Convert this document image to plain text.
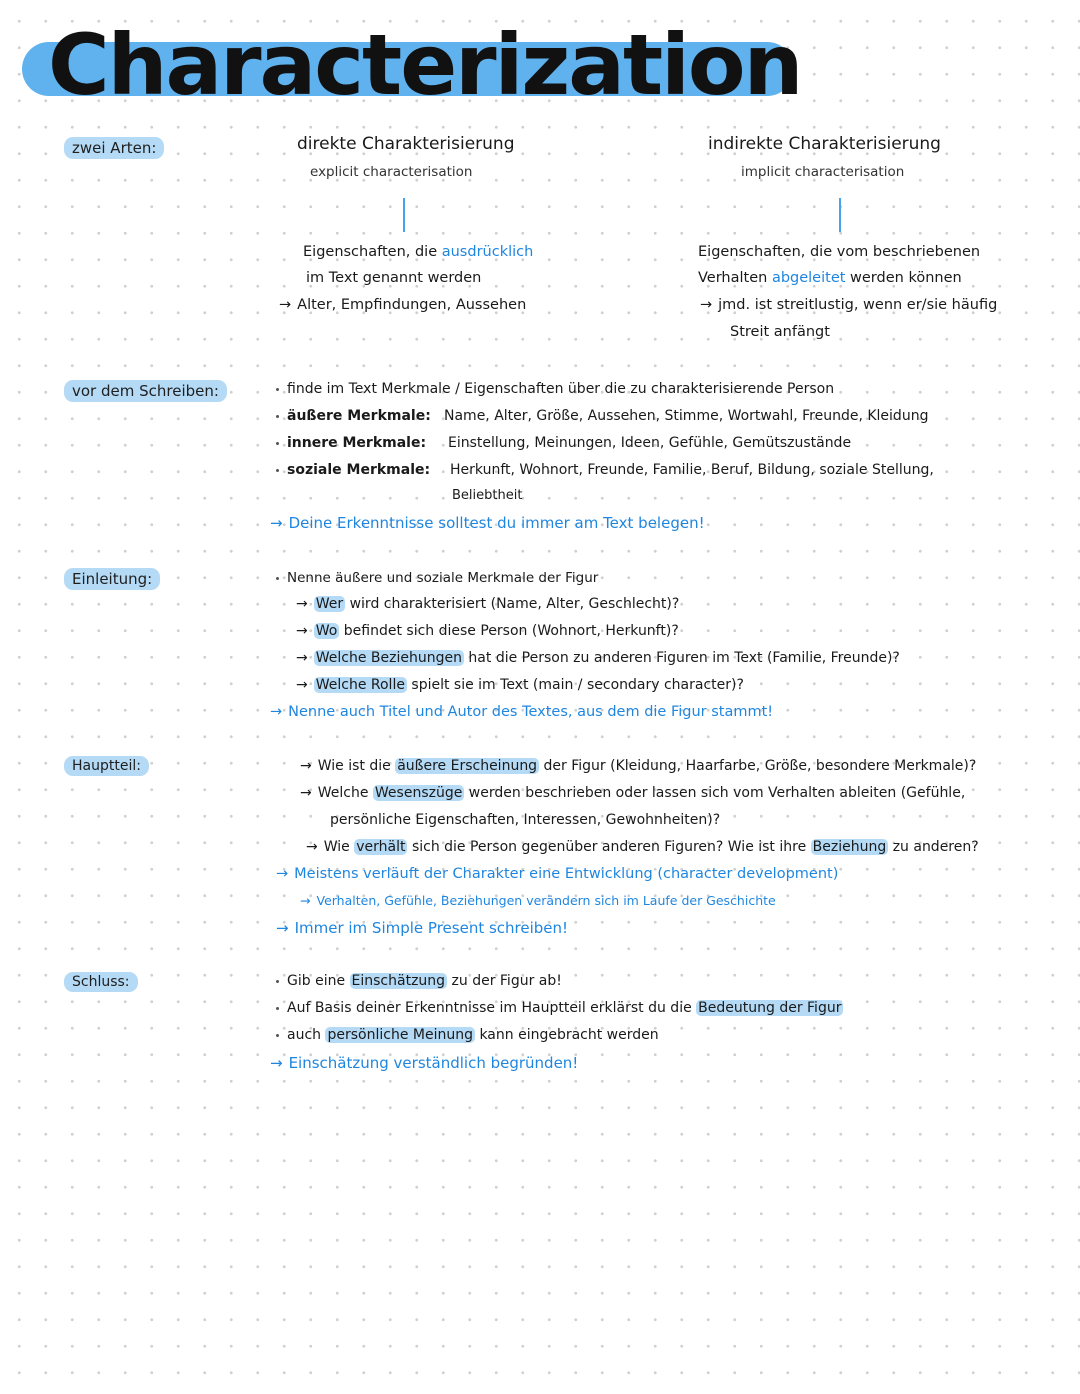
Characterization
zwei Arten:	direkte Charakterisierung
explicit characterisation
Eigenschaften, die ausdrücklich
im Text genannt werden
→ Alter, Empfindungen, Aussehen
indirekte Charakterisierung
implicit characterisation
Eigenschaften, die vom beschriebenen
Verhalten abgeleitet werden können
→ jmd. ist streitlustig, wenn er/sie häufig
Streit anfängt
vor dem Schreiben:	finde im Text Merkmale / Eigenschaften über die zu charakterisierende Person
äußere Merkmale: Name, Alter, Größe, Aussehen, Stimme, Wortwahl, Freunde, Kleidung
innere Merkmale: Einstellung, Meinungen, Ideen, Gefühle, Gemütszustände
soziale Merkmale: Herkunft, Wohnort, Freunde, Familie, Beruf, Bildung, soziale Stellung,
Beliebtheit
→ Deine Erkenntnisse solltest du immer am Text belegen!
Einleitung:	Nenne äußere und soziale Merkmale der Figur
→ Wer wird charakterisiert (Name, Alter, Geschlecht)?
→ Wo befindet sich diese Person (Wohnort, Herkunft)?
→ Welche Beziehungen hat die Person zu anderen Figuren im Text (Familie, Freunde)?
→ Welche Rolle spielt sie im Text (main / secondary character)?
→ Nenne auch Titel und Autor des Textes, aus dem die Figur stammt!
Hauptteil:	→ Wie ist die äußere Erscheinung der Figur (Kleidung, Haarfarbe, Größe, besondere Merkmale)?
→ Welche Wesenszüge werden beschrieben oder lassen sich vom Verhalten ableiten (Gefühle,
persönliche Eigenschaften, Interessen, Gewohnheiten)?
→ Wie verhält sich die Person gegenüber anderen Figuren? Wie ist ihre Beziehung zu anderen?
→ Meistens verläuft der Charakter eine Entwicklung (character development)
→ Verhalten, Gefühle, Beziehungen verändern sich im Laufe der Geschichte
→ Immer im Simple Present schreiben!
Schluss:	Gib eine Einschätzung zu der Figur ab!
Auf Basis deiner Erkenntnisse im Hauptteil erklärst du die Bedeutung der Figur
auch persönliche Meinung kann eingebracht werden
→ Einschätzung verständlich begründen!
